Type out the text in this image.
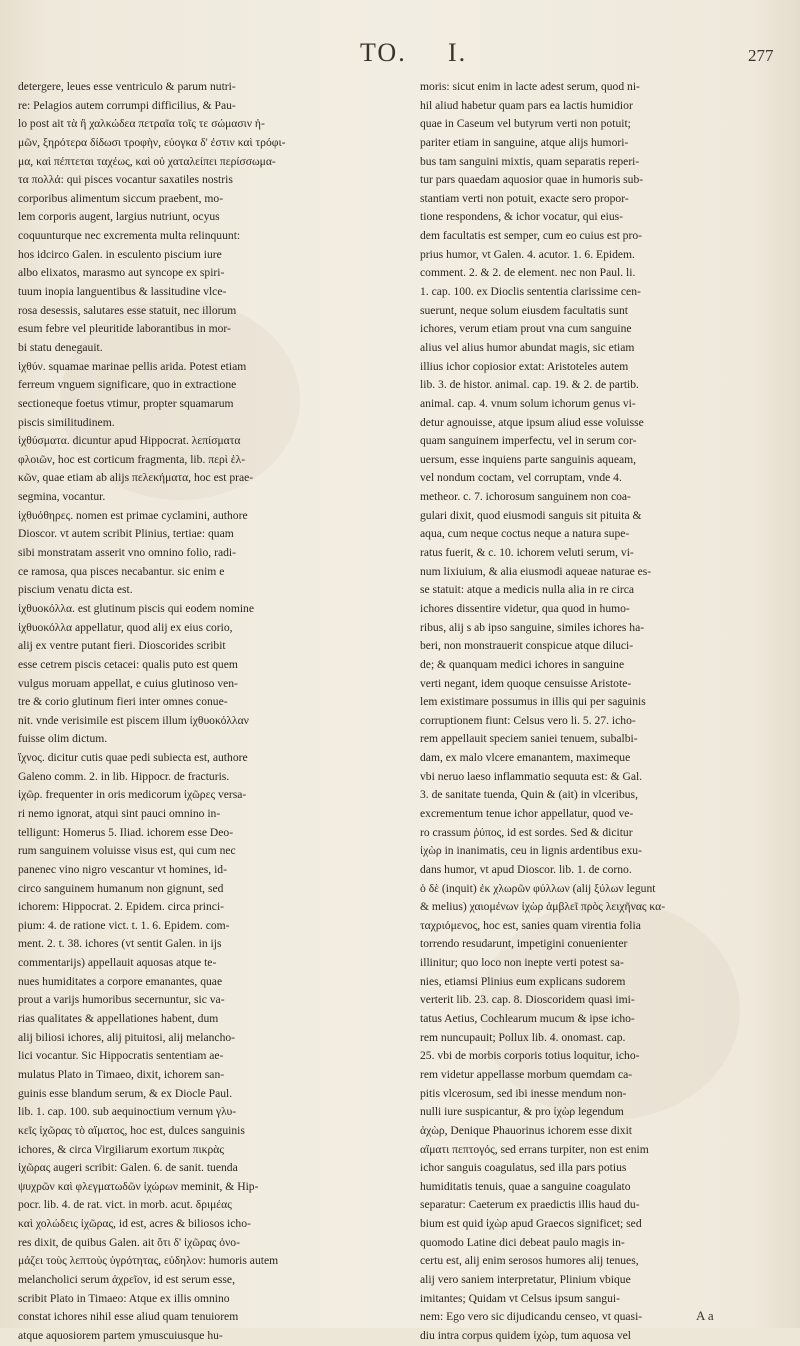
TO. I.	277
detergere, leues esse ventriculo & parum nutri-
re: Pelagios autem corrumpi difficilius, & Pau-
lo post ait τὰ ἢ χαλκώδεα πετραῖα τοῖς τε σώμασιν ἡ-
μῶν, ξηρότερα δίδωσι τροφὴν, εὐογκα δ' ἐστιν καὶ τρόφι-
μα, καὶ πέπτεται ταχέως, καὶ οὐ χαταλείπει περίσσωμα-
τα πολλά: qui pisces vocantur saxatiles nostris
corporibus alimentum siccum praebent, mo-
lem corporis augent, largius nutriunt, ocyus
coquunturque nec excrementa multa relinquunt:
hos idcirco Galen. in esculento piscium iure
albo elixatos, marasmo aut syncope ex spiri-
tuum inopia languentibus & lassitudine vlce-
rosa desessis, salutares esse statuit, nec illorum
esum febre vel pleuritide laborantibus in mor-
bi statu denegauit.
ἰχθύν. squamae marinae pellis arida. Potest etiam
ferreum vnguem significare, quo in extractione
sectioneque foetus vtimur, propter squamarum
piscis similitudinem.
ἰχθύσματα. dicuntur apud Hippocrat. λεπίσματα
φλοιῶν, hoc est corticum fragmenta, lib. περὶ ἑλ-
κῶν, quae etiam ab alijs πελεκήματα, hoc est prae-
segmina, vocantur.
ἰχθυόθηρες. nomen est primae cyclamini, authore
Dioscor. vt autem scribit Plinius, tertiae: quam
sibi monstratam asserit vno omnino folio, radi-
ce ramosa, qua pisces necabantur. sic enim e
piscium venatu dicta est.
ἰχθυοκόλλα. est glutinum piscis qui eodem nomine
ἰχθυοκόλλα appellatur, quod alij ex eius corio,
alij ex ventre putant fieri. Dioscorides scribit
esse cetrem piscis cetacei: qualis puto est quem
vulgus moruam appellat, e cuius glutinoso ven-
tre & corio glutinum fieri inter omnes conue-
nit. vnde verisimile est piscem illum ἰχθυοκόλλαν
fuisse olim dictum.
ἴχνος. dicitur cutis quae pedi subiecta est, authore
Galeno comm. 2. in lib. Hippocr. de fracturis.
ἰχῶρ. frequenter in oris medicorum ἰχῶρες versa-
ri nemo ignorat, atqui sint pauci omnino in-
telligunt: Homerus 5. Iliad. ichorem esse Deo-
rum sanguinem voluisse visus est, qui cum nec
panenec vino nigro vescantur vt homines, id-
circo sanguinem humanum non gignunt, sed
ichorem: Hippocrat. 2. Epidem. circa princi-
pium: 4. de ratione vict. t. 1. 6. Epidem. com-
ment. 2. t. 38. ichores (vt sentit Galen. in ijs
commentarijs) appellauit aquosas atque te-
nues humiditates a corpore emanantes, quae
prout a varijs humoribus secernuntur, sic va-
rias qualitates & appellationes habent, dum
alij biliosi ichores, alij pituitosi, alij melancho-
lici vocantur. Sic Hippocratis sententiam ae-
mulatus Plato in Timaeo, dixit, ichorem san-
guinis esse blandum serum, & ex Diocle Paul.
lib. 1. cap. 100. sub aequinoctium vernum γλυ-
κεῖς ἰχῶρας τὸ αἵματος, hoc est, dulces sanguinis
ichores, & circa Virgiliarum exortum πικρὰς
ἰχῶρας augeri scribit: Galen. 6. de sanit. tuenda
ψυχρῶν καὶ φλεγματωδῶν ἰχώρων meminit, & Hip-
pocr. lib. 4. de rat. vict. in morb. acut. δριμέας
καὶ χολώδεις ἰχῶρας, id est, acres & biliosos icho-
res dixit, de quibus Galen. ait ὅτι δ' ἰχῶρας ὀνο-
μάζει τοὺς λεπτοὺς ὑγρότητας, εὐδηλον: humoris autem
melancholici serum ἀχρεῖον, id est serum esse,
scribit Plato in Timaeo: Atque ex illis omnino
constat ichores nihil esse aliud quam tenuiorem
atque aquosiorem partem ymuscuiusque hu-
moris: sicut enim in lacte adest serum, quod ni-
hil aliud habetur quam pars ea lactis humidior
quae in Caseum vel butyrum verti non potuit;
pariter etiam in sanguine, atque alijs humori-
bus tam sanguini mixtis, quam separatis reperi-
tur pars quaedam aquosior quae in humoris sub-
stantiam verti non potuit, exacte sero propor-
tione respondens, & ichor vocatur, qui eius-
dem facultatis est semper, cum eo cuius est pro-
prius humor, vt Galen. 4. acutor. 1. 6. Epidem.
comment. 2. & 2. de element. nec non Paul. li.
1. cap. 100. ex Dioclis sententia clarissime cen-
suerunt, neque solum eiusdem facultatis sunt
ichores, verum etiam prout vna cum sanguine
alius vel alius humor abundat magis, sic etiam
illius ichor copiosior extat: Aristoteles autem
lib. 3. de histor. animal. cap. 19. & 2. de partib.
animal. cap. 4. vnum solum ichorum genus vi-
detur agnouisse, atque ipsum aliud esse voluisse
quam sanguinem imperfectu, vel in serum cor-
uersum, esse inquiens parte sanguinis aqueam,
vel nondum coctam, vel corruptam, vnde 4.
metheor. c. 7. ichorosum sanguinem non coa-
gulari dixit, quod eiusmodi sanguis sit pituita &
aqua, cum neque coctus neque a natura supe-
ratus fuerit, & c. 10. ichorem veluti serum, vi-
num lixiuium, & alia eiusmodi aqueae naturae es-
se statuit: atque a medicis nulla alia in re circa
ichores dissentire videtur, qua quod in humo-
ribus, alij s ab ipso sanguine, similes ichores ha-
beri, non monstrauerit conspicue atque diluci-
de; & quanquam medici ichores in sanguine
verti negant, idem quoque censuisse Aristote-
lem existimare possumus in illis qui per saguinis
corruptionem fiunt: Celsus vero li. 5. 27. icho-
rem appellauit speciem saniei tenuem, subalbi-
dam, ex malo vlcere emanantem, maximeque
vbi neruo laeso inflammatio sequuta est: & Gal.
3. de sanitate tuenda, Quin & (ait) in vlceribus,
excrementum tenue ichor appellatur, quod ve-
ro crassum ῥύπος, id est sordes. Sed & dicitur
ἰχὼρ in inanimatis, ceu in lignis ardentibus exu-
dans humor, vt apud Dioscor. lib. 1. de corno.
ὁ δὲ (inquit) ἐκ χλωρῶν φύλλων (alij ξύλων legunt
& melius) χαιομένων ἰχὼρ ἀμβλεῖ πρὸς λειχῆνας κα-
ταχριόμενος, hoc est, sanies quam virentia folia
torrendo resudarunt, impetigini conuenienter
illinitur; quo loco non inepte verti potest sa-
nies, etiamsi Plinius eum explicans sudorem
verterit lib. 23. cap. 8. Dioscoridem quasi imi-
tatus Aetius, Cochlearum mucum & ipse icho-
rem nuncupauit; Pollux lib. 4. onomast. cap.
25. vbi de morbis corporis totius loquitur, icho-
rem videtur appellasse morbum quemdam ca-
pitis vlcerosum, sed ibi inesse mendum non-
nulli iure suspicantur, & pro ἰχὼρ legendum
ἀχὼρ, Denique Phauorinus ichorem esse dixit
αἵματι πεπτογός, sed errans turpiter, non est enim
ichor sanguis coagulatus, sed illa pars potius
humiditatis tenuis, quae a sanguine coagulato
separatur: Caeterum ex praedictis illis haud du-
bium est quid ἰχὼρ apud Graecos significet; sed
quomodo Latine dici debeat paulo magis in-
certu est, alij enim serosos humores alij tenues,
alij vero saniem interpretatur, Plinium vbique
imitantes; Quidam vt Celsus ipsum sangui-
nem: Ego vero sic dijudicandu censeo, vt quasi-
diu intra corpus quidem ἰχὼρ, tum aquosa vel
A a
